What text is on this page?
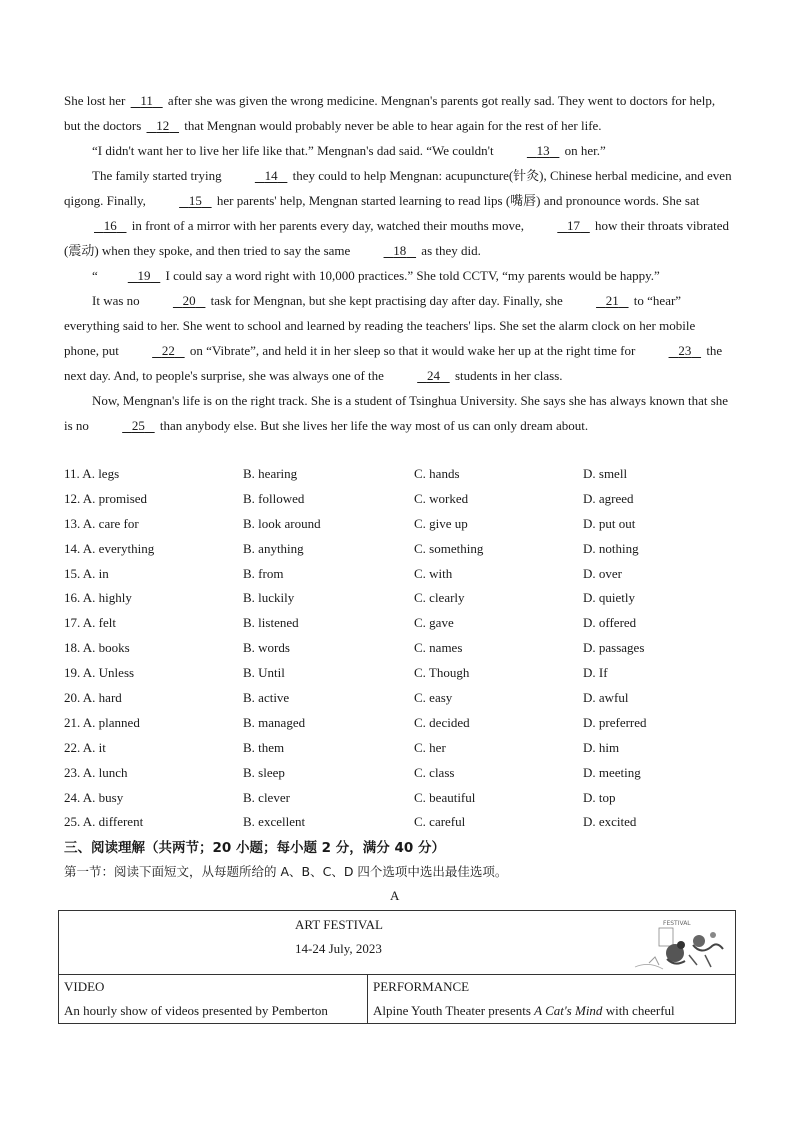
She lost her    11    after she was given the wrong medicine. Mengnan's parents got really sad. They went to doctors for help, but the doctors    12    that Mengnan would probably never be able to hear again for the rest of her life.

“I didn't want her to live her life like that.” Mengnan's dad said. “We couldn't	13    on her.”

The family started trying	14    they could to help Mengnan: acupuncture(针灸), Chinese herbal medicine, and even qigong. Finally,	15    her parents' help, Mengnan started learning to read lips (嘴唇) and pronounce words. She sat    16    in front of a mirror with her parents every day, watched their mouths move,	17    how their throats vibrated (震动) when they spoke, and then tried to say the same	18    as they did.

“	19    I could say a word right with 10,000 practices.” She told CCTV, “my parents would be happy.”

It was no	20    task for Mengnan, but she kept practising day after day. Finally, she	21    to “hear” everything said to her. She went to school and learned by reading the teachers' lips. She set the alarm clock on her mobile phone, put	22    on “Vibrate”, and held it in her sleep so that it would wake her up at the right time for	23    the next day. And, to people's surprise, she was always one of the	24    students in her class.

Now, Mengnan's life is on the right track. She is a student of Tsinghua University. She says she has always known that she is no	25    than anybody else. But she lives her life the way most of us can only dream about.

11. A. legs	B. hearing	C. hands	D. smell
12. A. promised	B. followed	C. worked	D. agreed
13. A. care for	B. look around	C. give up	D. put out
14. A. everything	B. anything	C. something	D. nothing
15. A. in	B. from	C. with	D. over
16. A. highly	B. luckily	C. clearly	D. quietly
17. A. felt	B. listened	C. gave	D. offered
18. A. books	B. words	C. names	D. passages
19. A. Unless	B. Until	C. Though	D. If
20. A. hard	B. active	C. easy	D. awful
21. A. planned	B. managed	C. decided	D. preferred
22. A. it	B. them	C. her	D. him
23. A. lunch	B. sleep	C. class	D. meeting
24. A. busy	B. clever	C. beautiful	D. top
25. A. different	B. excellent	C. careful	D. excited
三、阅读理解（共两节；20 小题；每小题 2 分，满分 40 分）
第一节：阅读下面短文，从每题所给的 A、B、C、D 四个选项中选出最佳选项。
A
ART FESTIVAL
14-24 July, 2023
FESTIVAL
VIDEO
An hourly show of videos presented by Pemberton
PERFORMANCE
Alpine Youth Theater presents A Cat's Mind with cheerful
